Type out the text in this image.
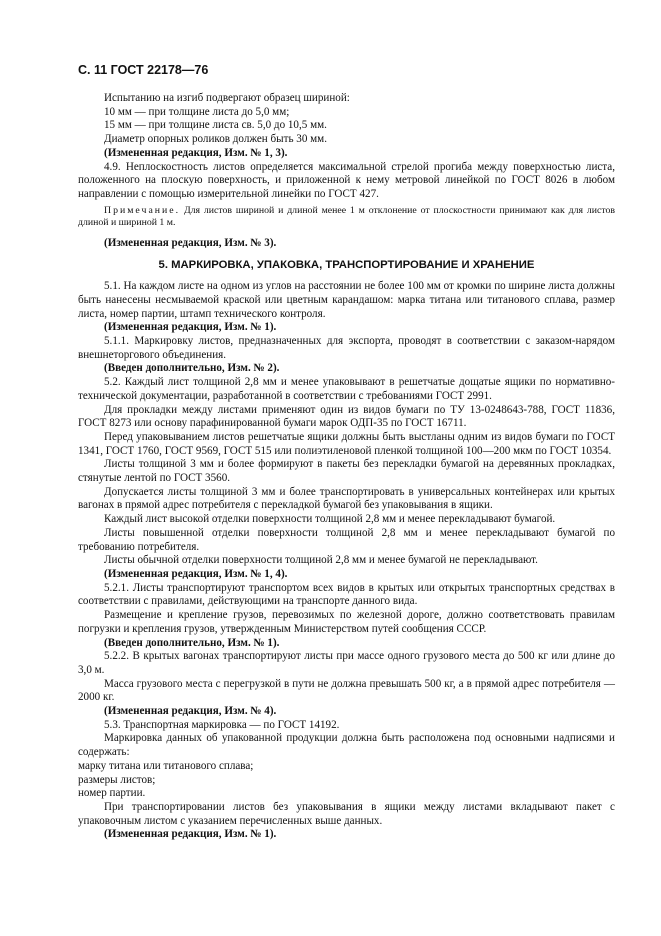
С. 11 ГОСТ 22178—76

Испытанию на изгиб подвергают образец шириной:

10 мм — при толщине листа до 5,0 мм;

15 мм — при толщине листа св. 5,0 до 10,5 мм.

Диаметр опорных роликов должен быть 30 мм.

(Измененная редакция, Изм. № 1, 3).

4.9. Неплоскостность листов определяется максимальной стрелой прогиба между поверхностью листа, положенного на плоскую поверхность, и приложенной к нему метровой линейкой по ГОСТ 8026 в любом направлении с помощью измерительной линейки по ГОСТ 427.

Примечание. Для листов шириной и длиной менее 1 м отклонение от плоскостности принимают как для листов длиной и шириной 1 м.

(Измененная редакция, Изм. № 3).

5. МАРКИРОВКА, УПАКОВКА, ТРАНСПОРТИРОВАНИЕ И ХРАНЕНИЕ

5.1. На каждом листе на одном из углов на расстоянии не более 100 мм от кромки по ширине листа должны быть нанесены несмываемой краской или цветным карандашом: марка титана или титанового сплава, размер листа, номер партии, штамп технического контроля.

(Измененная редакция, Изм. № 1).

5.1.1. Маркировку листов, предназначенных для экспорта, проводят в соответствии с заказом-нарядом внешнеторгового объединения.

(Введен дополнительно, Изм. № 2).

5.2. Каждый лист толщиной 2,8 мм и менее упаковывают в решетчатые дощатые ящики по нормативно-технической документации, разработанной в соответствии с требованиями ГОСТ 2991.

Для прокладки между листами применяют один из видов бумаги по ТУ 13-0248643-788, ГОСТ 11836, ГОСТ 8273 или основу парафинированной бумаги марок ОДП-35 по ГОСТ 16711.

Перед упаковыванием листов решетчатые ящики должны быть выстланы одним из видов бумаги по ГОСТ 1341, ГОСТ 1760, ГОСТ 9569, ГОСТ 515 или полиэтиленовой пленкой толщиной 100—200 мкм по ГОСТ 10354.

Листы толщиной 3 мм и более формируют в пакеты без перекладки бумагой на деревянных прокладках, стянутые лентой по ГОСТ 3560.

Допускается листы толщиной 3 мм и более транспортировать в универсальных контейнерах или крытых вагонах в прямой адрес потребителя с перекладкой бумагой без упаковывания в ящики.

Каждый лист высокой отделки поверхности толщиной 2,8 мм и менее перекладывают бумагой.

Листы повышенной отделки поверхности толщиной 2,8 мм и менее перекладывают бумагой по требованию потребителя.

Листы обычной отделки поверхности толщиной 2,8 мм и менее бумагой не перекладывают.

(Измененная редакция, Изм. № 1, 4).

5.2.1. Листы транспортируют транспортом всех видов в крытых или открытых транспортных средствах в соответствии с правилами, действующими на транспорте данного вида.

Размещение и крепление грузов, перевозимых по железной дороге, должно соответствовать правилам погрузки и крепления грузов, утвержденным Министерством путей сообщения СССР.

(Введен дополнительно, Изм. № 1).

5.2.2. В крытых вагонах транспортируют листы при массе одного грузового места до 500 кг или длине до 3,0 м.

Масса грузового места с перегрузкой в пути не должна превышать 500 кг, а в прямой адрес потребителя — 2000 кг.

(Измененная редакция, Изм. № 4).

5.3. Транспортная маркировка — по ГОСТ 14192.

Маркировка данных об упакованной продукции должна быть расположена под основными надписями и содержать:

марку титана или титанового сплава;

размеры листов;

номер партии.

При транспортировании листов без упаковывания в ящики между листами вкладывают пакет с упаковочным листом с указанием перечисленных выше данных.

(Измененная редакция, Изм. № 1).
